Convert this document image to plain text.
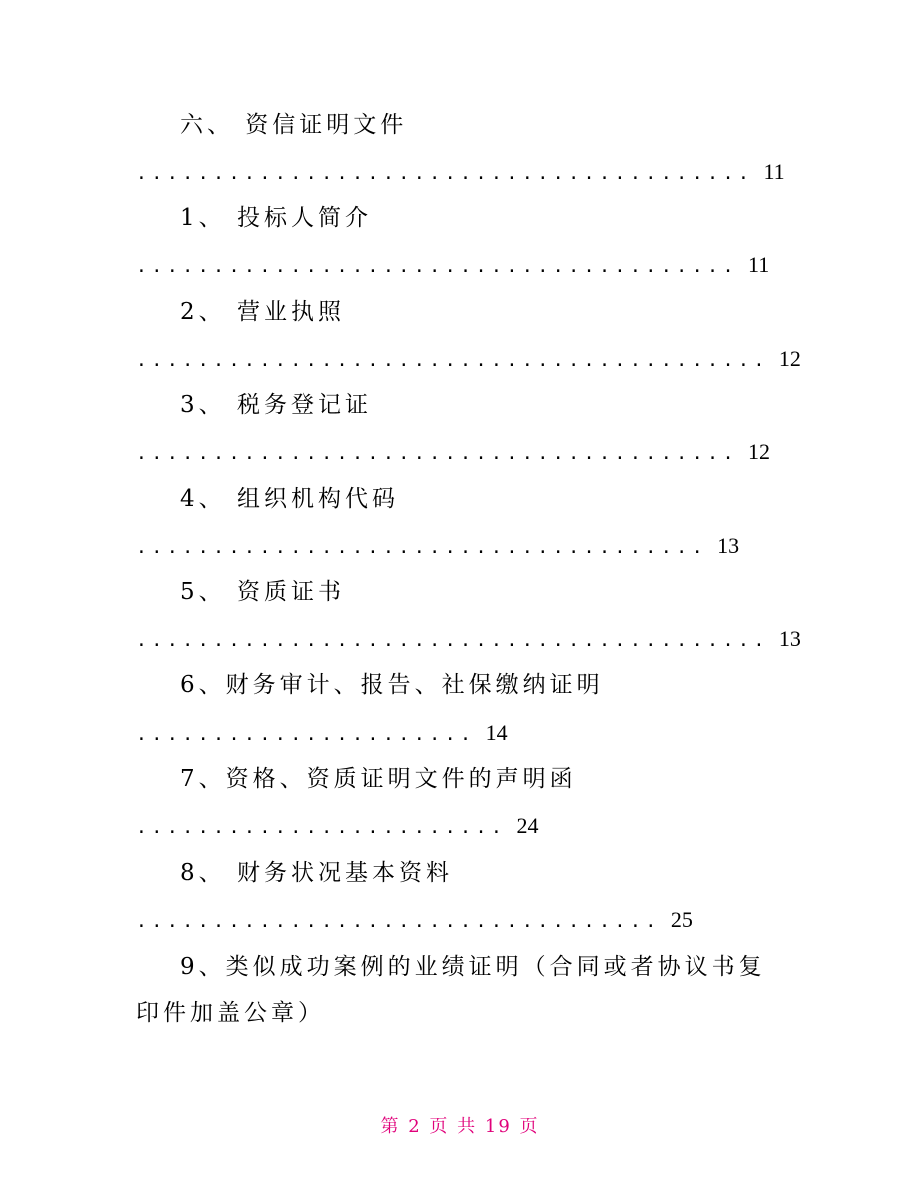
六、 资信证明文件
........................................ 11
1、 投标人简介
....................................... 11
2、 营业执照
......................................... 12
3、 税务登记证
....................................... 12
4、 组织机构代码
..................................... 13
5、 资质证书
......................................... 13
6、财务审计、报告、社保缴纳证明
...................... 14
7、资格、资质证明文件的声明函
........................ 24
8、 财务状况基本资料
.................................. 25
9、类似成功案例的业绩证明（合同或者协议书复印件加盖公章）
第 2 页 共 19 页
